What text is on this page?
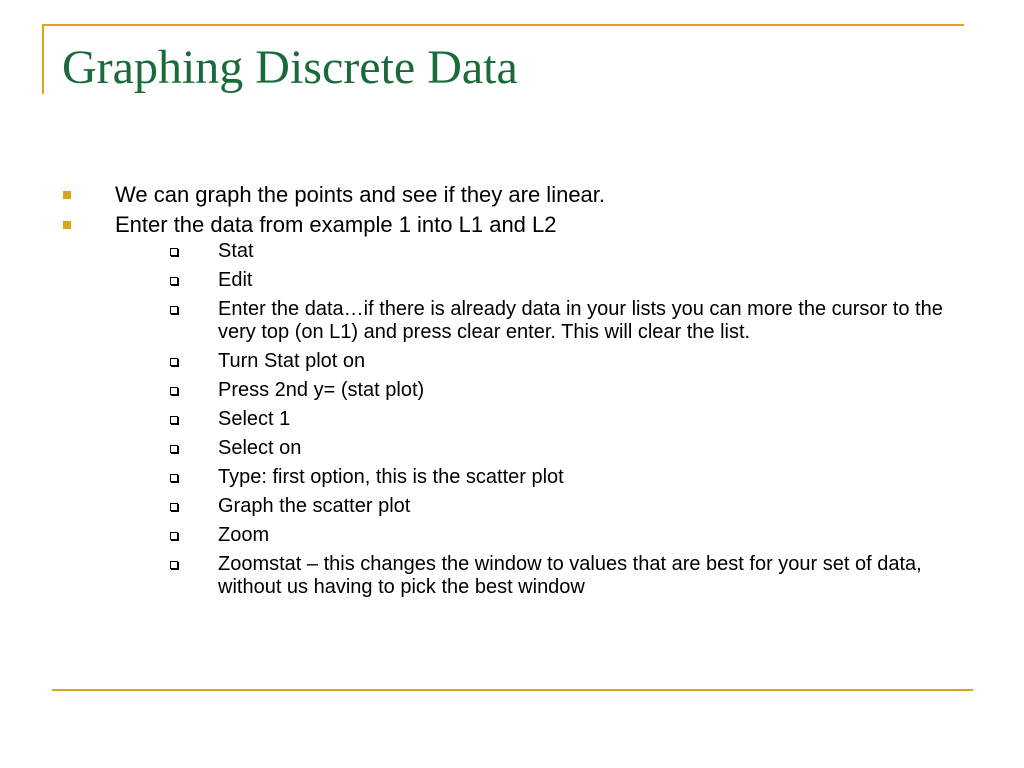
Graphing Discrete Data
We can graph the points and see if they are linear.
Enter the data from example 1 into L1 and L2
Stat
Edit
Enter the data…if there is already data in your lists you can more the cursor to the very top (on L1) and press clear enter. This will clear the list.
Turn Stat plot on
Press 2nd y= (stat plot)
Select 1
Select on
Type: first option, this is the scatter plot
Graph the scatter plot
Zoom
Zoomstat – this changes the window to values that are best for your set of data, without us having to pick the best window
